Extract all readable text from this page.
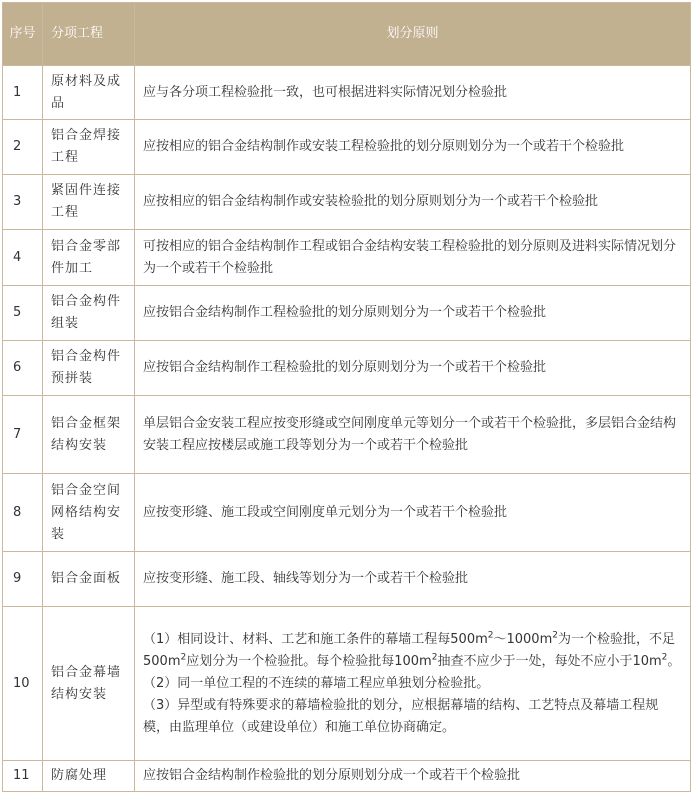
序号	分项工程	划分原则
1	原材料及成品	应与各分项工程检验批一致，也可根据进料实际情况划分检验批
2	铝合金焊接工程	应按相应的铝合金结构制作或安装工程检验批的划分原则划分为一个或若干个检验批
3	紧固件连接工程	应按相应的铝合金结构制作或安装检验批的划分原则划分为一个或若干个检验批
4	铝合金零部件加工	可按相应的铝合金结构制作工程或铝合金结构安装工程检验批的划分原则及进料实际情况划分为一个或若干个检验批
5	铝合金构件组装	应按铝合金结构制作工程检验批的划分原则划分为一个或若干个检验批
6	铝合金构件预拼装	应按铝合金结构制作工程检验批的划分原则划分为一个或若干个检验批
7	铝合金框架结构安装	单层铝合金安装工程应按变形缝或空间刚度单元等划分一个或若干个检验批，多层铝合金结构安装工程应按楼层或施工段等划分为一个或若干个检验批
8	铝合金空间网格结构安装	应按变形缝、施工段或空间刚度单元划分为一个或若干个检验批
9	铝合金面板	应按变形缝、施工段、轴线等划分为一个或若干个检验批
10	铝合金幕墙结构安装	（1）相同设计、材料、工艺和施工条件的幕墙工程每$500m^2\sim 1000m^2$为一个检验批，不足$500m^2$应划分为一个检验批。每个检验批每$100m^2$抽查不应少于一处，每处不应小于$10m^2$。
（2）同一单位工程的不连续的幕墙工程应单独划分检验批。
（3）异型或有特殊要求的幕墙检验批的划分，应根据幕墙的结构、工艺特点及幕墙工程规模，由监理单位（或建设单位）和施工单位协商确定。

11	防腐处理	应按铝合金结构制作检验批的划分原则划分成一个或若干个检验批
